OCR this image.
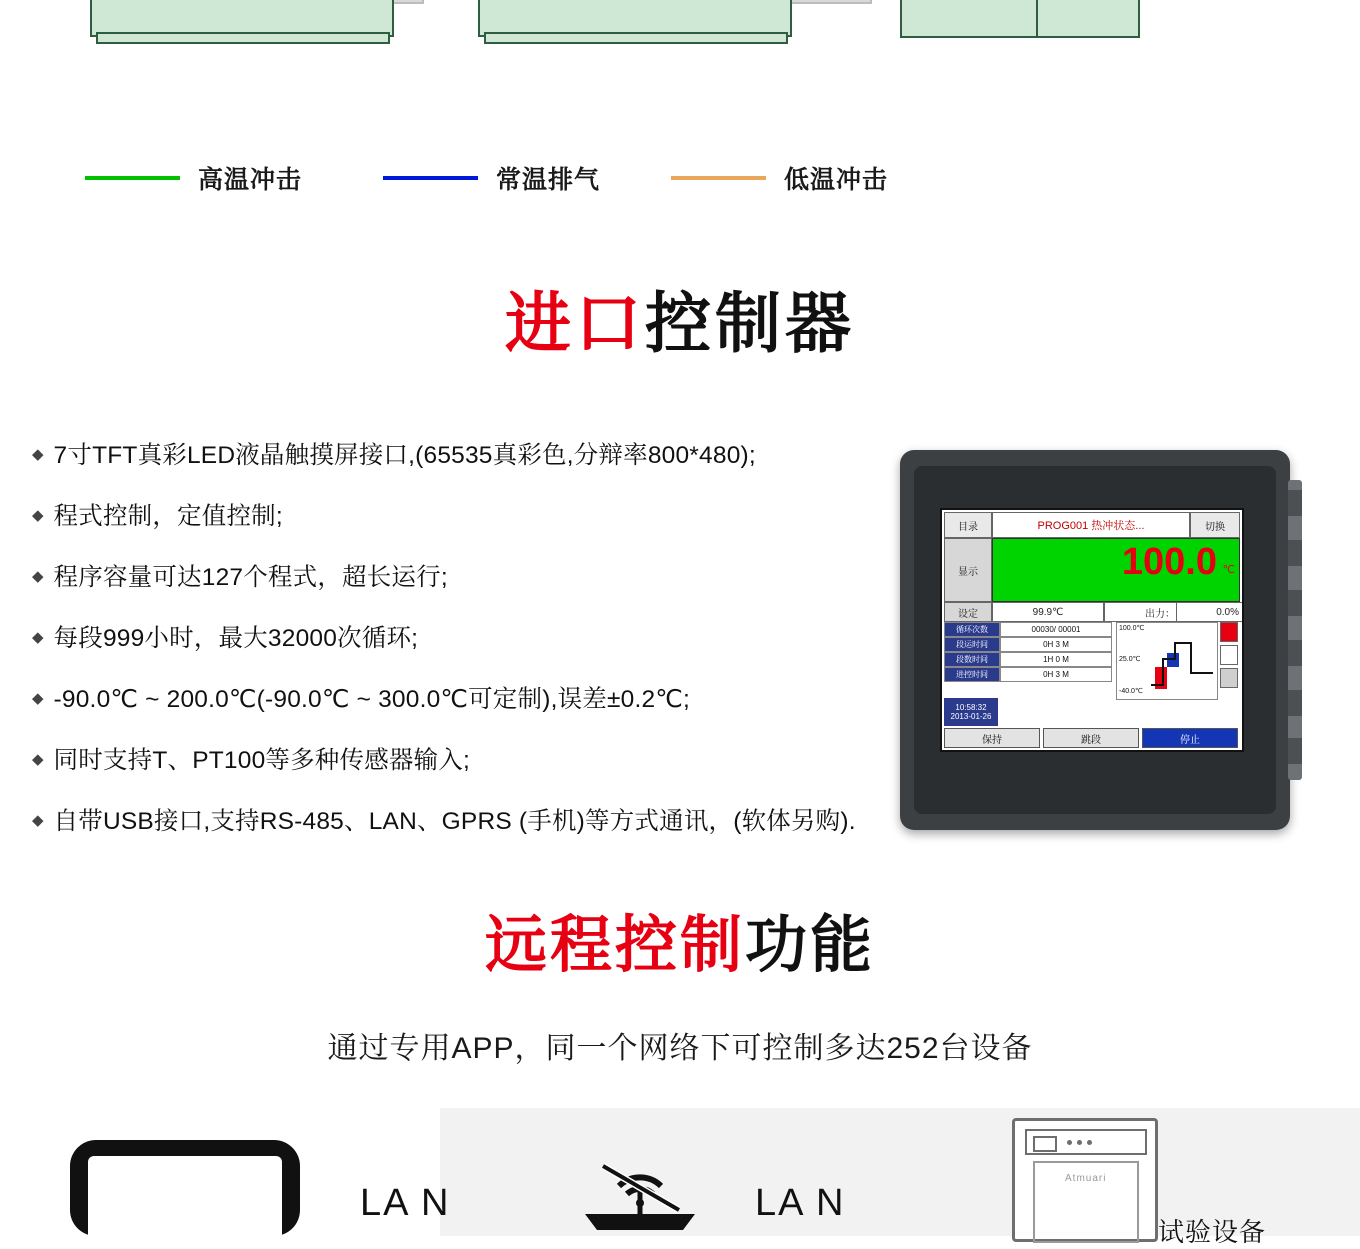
高温冲击	常温排气	低温冲击
进口控制器
◆ 7寸TFT真彩LED液晶触摸屏接口,(65535真彩色,分辩率800*480);
◆ 程式控制，定值控制;
◆ 程序容量可达127个程式，超长运行;
◆ 每段999小时，最大32000次循环;
◆ -90.0℃ ~ 200.0℃(-90.0℃ ~ 300.0℃可定制),误差±0.2℃;
◆ 同时支持T、PT100等多种传感器输入;
◆ 自带USB接口,支持RS-485、LAN、GPRS (手机)等方式通讯，(软体另购).
目录	PROG001 热冲状态...	切换
显示	100.0 ℃
设定	99.9℃	出力：	0.0%
循环次数	00030/ 00001
段运时间	0H 3 M
段数时间	1H 0 M
进控时间	0H 3 M
10:58:32
2013-01-26
100.0℃
25.0℃
-40.0℃
保持	跳段	停止
远程控制功能
通过专用APP，同一个网络下可控制多达252台设备
LA N	LA N
Atmuari
试验设备
